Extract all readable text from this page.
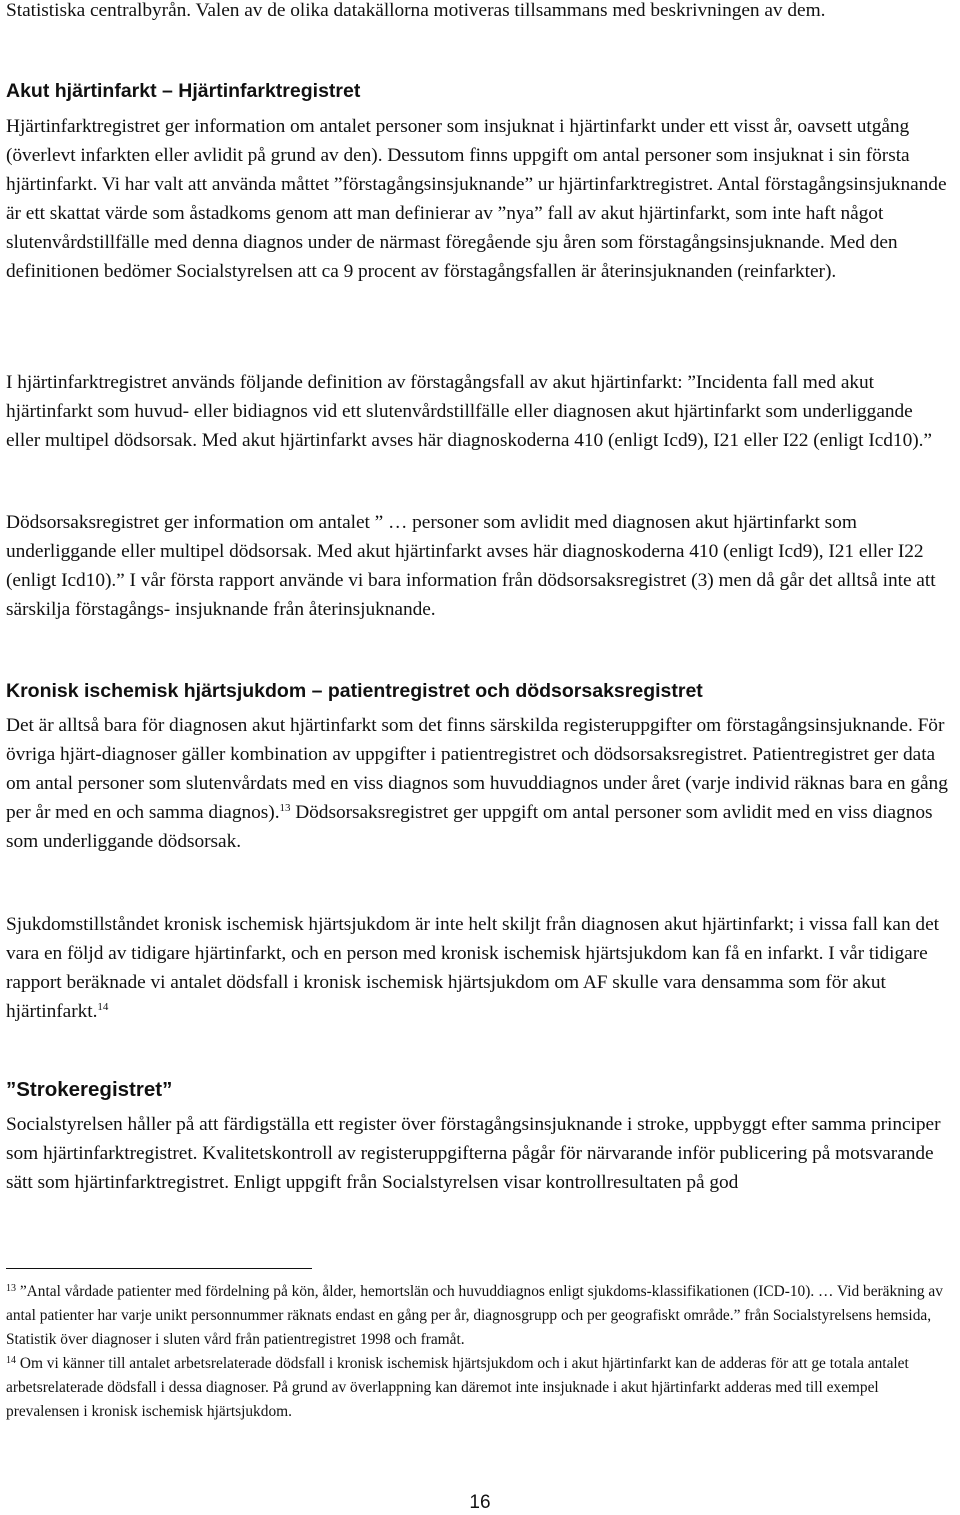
Statistiska centralbyrån. Valen av de olika datakällorna motiveras tillsammans med beskrivningen av dem.

Akut hjärtinfarkt – Hjärtinfarktregistret

Hjärtinfarktregistret ger information om antalet personer som insjuknat i hjärtinfarkt under ett visst år, oavsett utgång (överlevt infarkten eller avlidit på grund av den). Dessutom finns uppgift om antal personer som insjuknat i sin första hjärtinfarkt. Vi har valt att använda måttet ”förstagångsinsjuknande” ur hjärtinfarktregistret. Antal förstagångsinsjuknande är ett skattat värde som åstadkoms genom att man definierar av ”nya” fall av akut hjärtinfarkt, som inte haft något slutenvårdstillfälle med denna diagnos under de närmast föregående sju åren som förstagångsinsjuknande. Med den definitionen bedömer Socialstyrelsen att ca 9 procent av förstagångsfallen är återinsjuknanden (reinfarkter).

I hjärtinfarktregistret används följande definition av förstagångsfall av akut hjärtinfarkt: ”Incidenta fall med akut hjärtinfarkt som huvud- eller bidiagnos vid ett slutenvårdstillfälle eller diagnosen akut hjärtinfarkt som underliggande eller multipel dödsorsak. Med akut hjärtinfarkt avses här diagnoskoderna 410 (enligt Icd9), I21 eller I22 (enligt Icd10).”

Dödsorsaksregistret ger information om antalet ” … personer som avlidit med diagnosen akut hjärtinfarkt som underliggande eller multipel dödsorsak. Med akut hjärtinfarkt avses här diagnoskoderna 410 (enligt Icd9), I21 eller I22 (enligt Icd10).” I vår första rapport använde vi bara information från dödsorsaksregistret (3) men då går det alltså inte att särskilja förstagångs- insjuknande från återinsjuknande.

Kronisk ischemisk hjärtsjukdom – patientregistret och dödsorsaksregistret

Det är alltså bara för diagnosen akut hjärtinfarkt som det finns särskilda registeruppgifter om förstagångsinsjuknande. För övriga hjärt-diagnoser gäller kombination av uppgifter i patientregistret och dödsorsaksregistret. Patientregistret ger data om antal personer som slutenvårdats med en viss diagnos som huvuddiagnos under året (varje individ räknas bara en gång per år med en och samma diagnos).$^{13}$ Dödsorsaksregistret ger uppgift om antal personer som avlidit med en viss diagnos som underliggande dödsorsak.

Sjukdomstillståndet kronisk ischemisk hjärtsjukdom är inte helt skiljt från diagnosen akut hjärtinfarkt; i vissa fall kan det vara en följd av tidigare hjärtinfarkt, och en person med kronisk ischemisk hjärtsjukdom kan få en infarkt. I vår tidigare rapport beräknade vi antalet dödsfall i kronisk ischemisk hjärtsjukdom om AF skulle vara densamma som för akut hjärtinfarkt.$^{14}$

”Strokeregistret”

Socialstyrelsen håller på att färdigställa ett register över förstagångsinsjuknande i stroke, uppbyggt efter samma principer som hjärtinfarktregistret. Kvalitetskontroll av registeruppgifterna pågår för närvarande inför publicering på motsvarande sätt som hjärtinfarktregistret. Enligt uppgift från Socialstyrelsen visar kontrollresultaten på god

$^{13}$ ”Antal vårdade patienter med fördelning på kön, ålder, hemortslän och huvuddiagnos enligt sjukdoms-klassifikationen (ICD-10). … Vid beräkning av antal patienter har varje unikt personnummer räknats endast en gång per år, diagnosgrupp och per geografiskt område.” från Socialstyrelsens hemsida, Statistik över diagnoser i sluten vård från patientregistret 1998 och framåt.

$^{14}$ Om vi känner till antalet arbetsrelaterade dödsfall i kronisk ischemisk hjärtsjukdom och i akut hjärtinfarkt kan de adderas för att ge totala antalet arbetsrelaterade dödsfall i dessa diagnoser. På grund av överlappning kan däremot inte insjuknade i akut hjärtinfarkt adderas med till exempel prevalensen i kronisk ischemisk hjärtsjukdom.

16
